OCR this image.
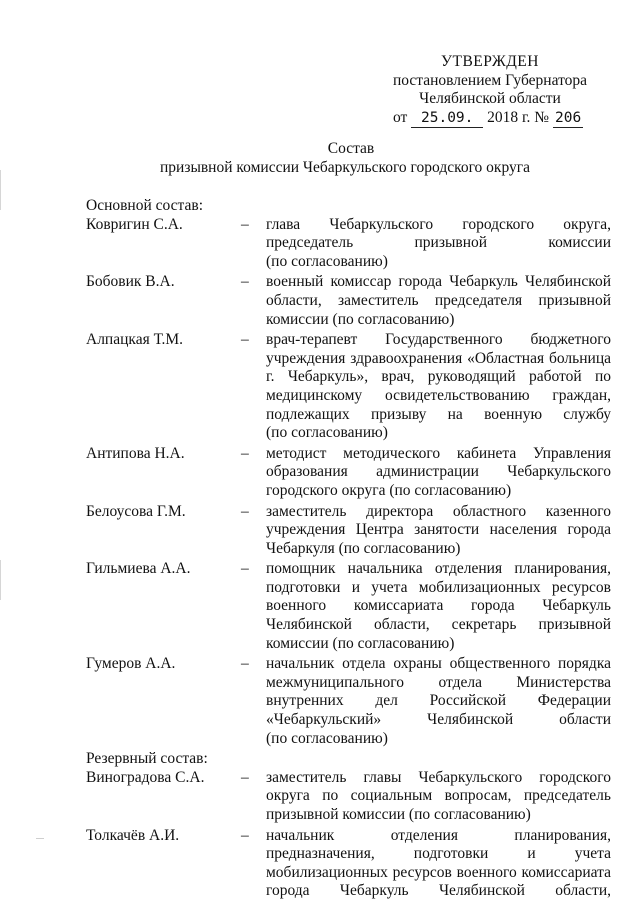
УТВЕРЖДЕН
постановлением Губернатора
Челябинской области
от 25.09. 2018 г. № 206
Состав
призывной комиссии Чебаркульского городского округа
Основной состав:
Ковригин С.А.	–	глава Чебаркульского городского округа,
председатель призывной комиссии
(по согласованию)
Бобовик В.А.	–	военный комиссар города Чебаркуль Челябинской
области, заместитель председателя призывной
комиссии (по согласованию)
Алпацкая Т.М.	–	врач-терапевт Государственного бюджетного
учреждения здравоохранения «Областная больница
г. Чебаркуль», врач, руководящий работой по
медицинскому освидетельствованию граждан,
подлежащих призыву на военную службу
(по согласованию)
Антипова Н.А.	–	методист методического кабинета Управления
образования администрации Чебаркульского
городского округа (по согласованию)
Белоусова Г.М.	–	заместитель директора областного казенного
учреждения Центра занятости населения города
Чебаркуля (по согласованию)
Гильмиева А.А.	–	помощник начальника отделения планирования,
подготовки и учета мобилизационных ресурсов
военного комиссариата города Чебаркуль
Челябинской области, секретарь призывной
комиссии (по согласованию)
Гумеров А.А.	–	начальник отдела охраны общественного порядка
межмуниципального отдела Министерства
внутренних дел Российской Федерации
«Чебаркульский» Челябинской области
(по согласованию)
Резервный состав:
Виноградова С.А.	–	заместитель главы Чебаркульского городского
округа по социальным вопросам, председатель
призывной комиссии (по согласованию)
Толкачёв А.И.	–	начальник отделения планирования,
предназначения, подготовки и учета
мобилизационных ресурсов военного комиссариата
города Чебаркуль Челябинской области,
